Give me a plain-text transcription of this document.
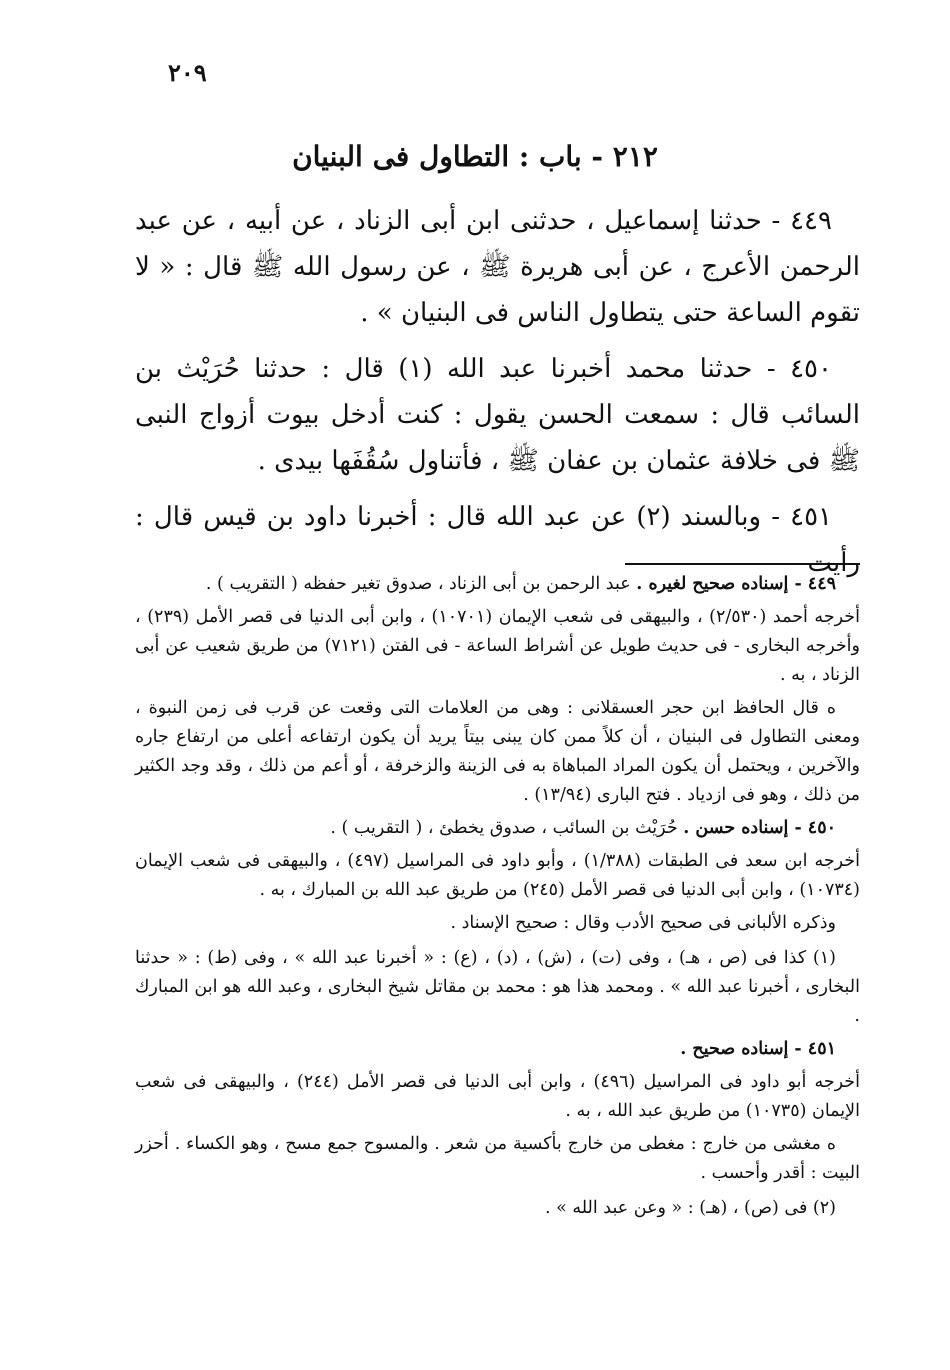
٢٠٩
٢١٢ - باب : التطاول فى البنيان

٤٤٩ - حدثنا إسماعيل ، حدثنى ابن أبى الزناد ، عن أبيه ، عن عبد الرحمن الأعرج ، عن أبى هريرة ﷺ ، عن رسول الله ﷺ قال : « لا تقوم الساعة حتى يتطاول الناس فى البنيان » .

٤٥٠ - حدثنا محمد أخبرنا عبد الله (١) قال : حدثنا حُرَيْث بن السائب قال : سمعت الحسن يقول : كنت أدخل بيوت أزواج النبى ﷺ فى خلافة عثمان بن عفان ﷺ ، فأتناول سُقُفَها بيدى .

٤٥١ - وبالسند (٢) عن عبد الله قال : أخبرنا داود بن قيس قال : رأيت

٤٤٩ - إسناده صحيح لغيره . عبد الرحمن بن أبى الزناد ، صدوق تغير حفظه ( التقريب ) .

أخرجه أحمد (٢/٥٣٠) ، والبيهقى فى شعب الإيمان (١٠٧٠١) ، وابن أبى الدنيا فى قصر الأمل (٢٣٩) ، وأخرجه البخارى - فى حديث طويل عن أشراط الساعة - فى الفتن (٧١٢١) من طريق شعيب عن أبى الزناد ، به .

ه قال الحافظ ابن حجر العسقلانى : وهى من العلامات التى وقعت عن قرب فى زمن النبوة ، ومعنى التطاول فى البنيان ، أن كلاً ممن كان يبنى بيتاً يريد أن يكون ارتفاعه أعلى من ارتفاع جاره والآخرين ، ويحتمل أن يكون المراد المباهاة به فى الزينة والزخرفة ، أو أعم من ذلك ، وقد وجد الكثير من ذلك ، وهو فى ازدياد . فتح البارى (١٣/٩٤) .

٤٥٠ - إسناده حسن . حُرَيْث بن السائب ، صدوق يخطئ ، ( التقريب ) .

أخرجه ابن سعد فى الطبقات (١/٣٨٨) ، وأبو داود فى المراسيل (٤٩٧) ، والبيهقى فى شعب الإيمان (١٠٧٣٤) ، وابن أبى الدنيا فى قصر الأمل (٢٤٥) من طريق عبد الله بن المبارك ، به .

وذكره الألبانى فى صحيح الأدب وقال : صحيح الإسناد .

(١) كذا فى (ص ، هـ) ، وفى (ت) ، (ش) ، (د) ، (ع) : « أخبرنا عبد الله » ، وفى (ط) : « حدثنا البخارى ، أخبرنا عبد الله » . ومحمد هذا هو : محمد بن مقاتل شيخ البخارى ، وعبد الله هو ابن المبارك .

٤٥١ - إسناده صحيح .

أخرجه أبو داود فى المراسيل (٤٩٦) ، وابن أبى الدنيا فى قصر الأمل (٢٤٤) ، والبيهقى فى شعب الإيمان (١٠٧٣٥) من طريق عبد الله ، به .

ه مغشى من خارج : مغطى من خارج بأكسية من شعر . والمسوح جمع مسح ، وهو الكساء . أحزر البيت : أقدر وأحسب .

(٢) فى (ص) ، (هـ) : « وعن عبد الله » .
